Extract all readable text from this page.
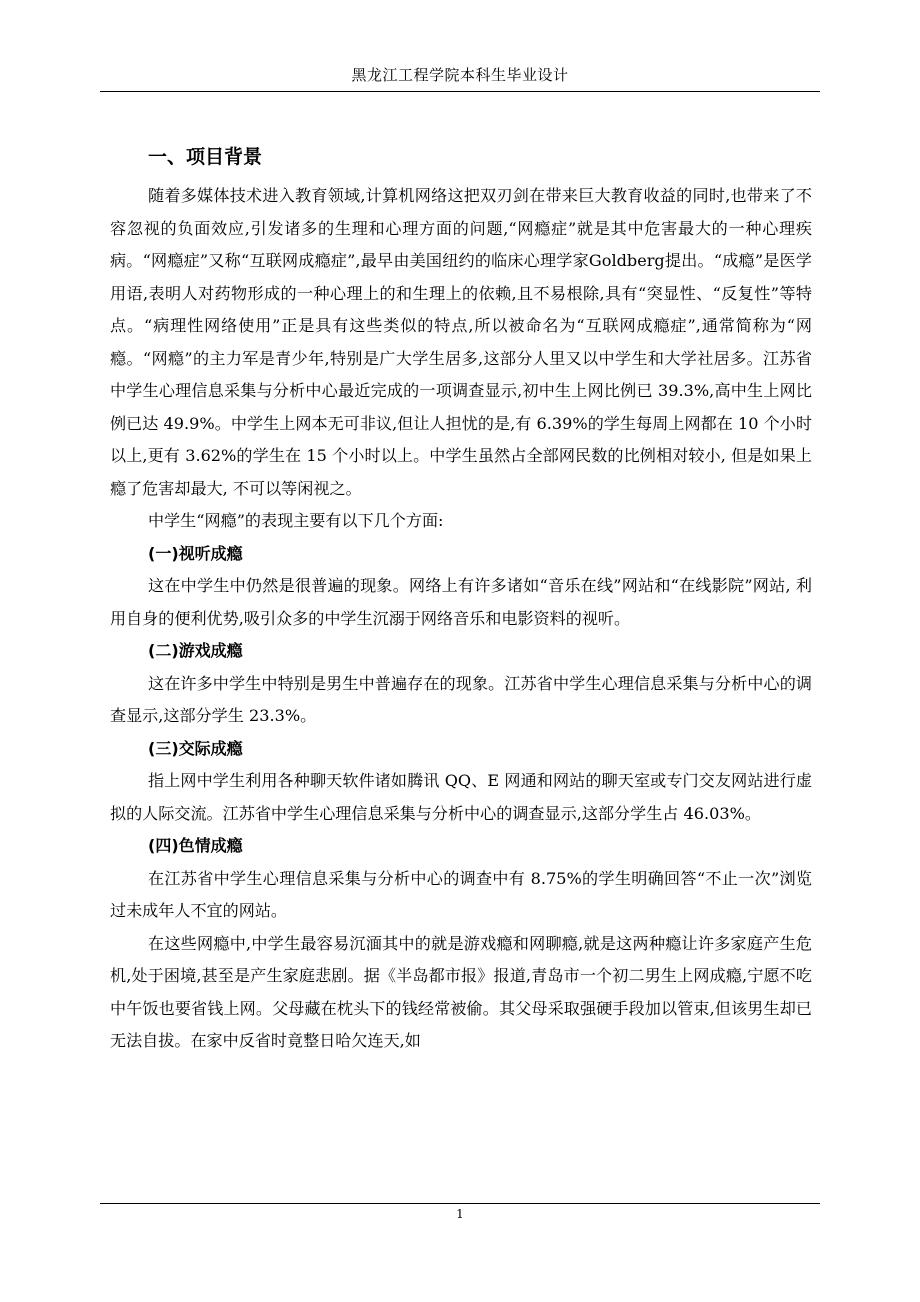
黑龙江工程学院本科生毕业设计
一、项目背景

随着多媒体技术进入教育领域,计算机网络这把双刃剑在带来巨大教育收益的同时,也带来了不容忽视的负面效应,引发诸多的生理和心理方面的问题,“网瘾症”就是其中危害最大的一种心理疾病。“网瘾症”又称“互联网成瘾症”,最早由美国纽约的临床心理学家Goldberg提出。“成瘾”是医学用语,表明人对药物形成的一种心理上的和生理上的依赖,且不易根除,具有“突显性、“反复性”等特点。“病理性网络使用”正是具有这些类似的特点,所以被命名为“互联网成瘾症”,通常简称为“网瘾。“网瘾”的主力军是青少年,特别是广大学生居多,这部分人里又以中学生和大学社居多。江苏省中学生心理信息采集与分析中心最近完成的一项调查显示,初中生上网比例已 39.3%,高中生上网比例已达 49.9%。中学生上网本无可非议,但让人担忧的是,有 6.39%的学生每周上网都在 10 个小时以上,更有 3.62%的学生在 15 个小时以上。中学生虽然占全部网民数的比例相对较小, 但是如果上瘾了危害却最大, 不可以等闲视之。

中学生“网瘾”的表现主要有以下几个方面:

(一)视听成瘾

这在中学生中仍然是很普遍的现象。网络上有许多诸如“音乐在线”网站和“在线影院”网站, 利用自身的便利优势,吸引众多的中学生沉溺于网络音乐和电影资料的视听。

(二)游戏成瘾

这在许多中学生中特别是男生中普遍存在的现象。江苏省中学生心理信息采集与分析中心的调查显示,这部分学生 23.3%。

(三)交际成瘾

指上网中学生利用各种聊天软件诸如腾讯 QQ、E 网通和网站的聊天室或专门交友网站进行虚拟的人际交流。江苏省中学生心理信息采集与分析中心的调查显示,这部分学生占 46.03%。

(四)色情成瘾

在江苏省中学生心理信息采集与分析中心的调查中有 8.75%的学生明确回答“不止一次”浏览过未成年人不宜的网站。

在这些网瘾中,中学生最容易沉湎其中的就是游戏瘾和网聊瘾,就是这两种瘾让许多家庭产生危机,处于困境,甚至是产生家庭悲剧。据《半岛都市报》报道,青岛市一个初二男生上网成瘾,宁愿不吃中午饭也要省钱上网。父母藏在枕头下的钱经常被偷。其父母采取强硬手段加以管束,但该男生却已无法自拔。在家中反省时竟整日哈欠连天,如

1
